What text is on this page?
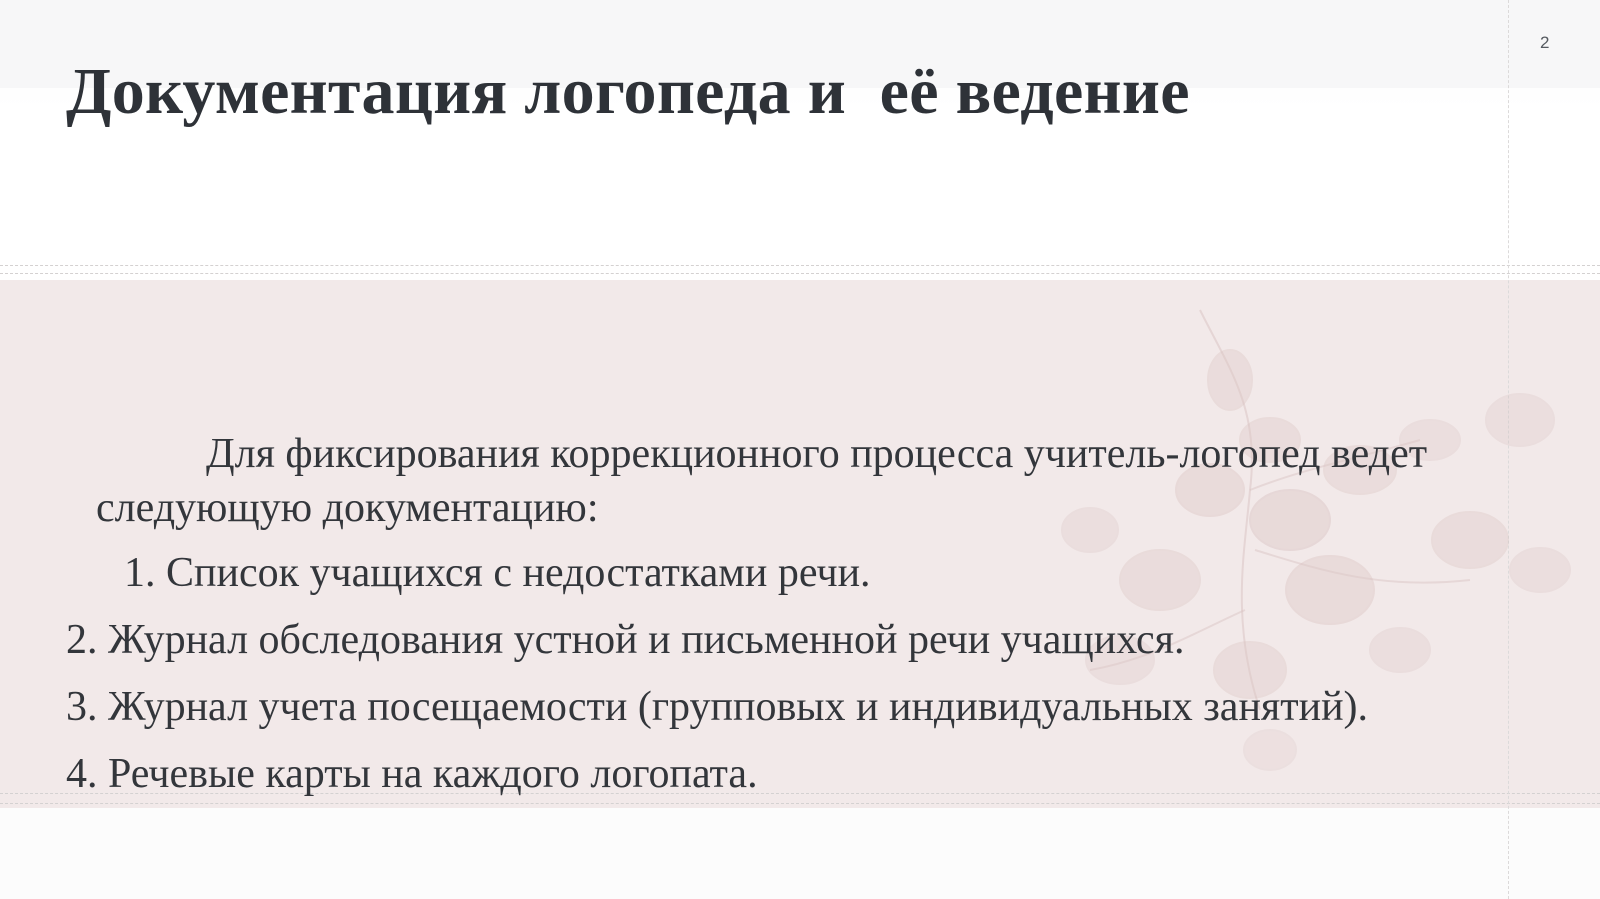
2
Документация логопеда и  её ведение
Для фиксирования коррекционного процесса учитель-логопед ведет следующую документацию:
1. Список учащихся с недостатками речи.
2. Журнал обследования устной и письменной речи учащихся.
3. Журнал учета посещаемости (групповых и индивидуальных занятий).
4. Речевые карты на каждого логопата.
